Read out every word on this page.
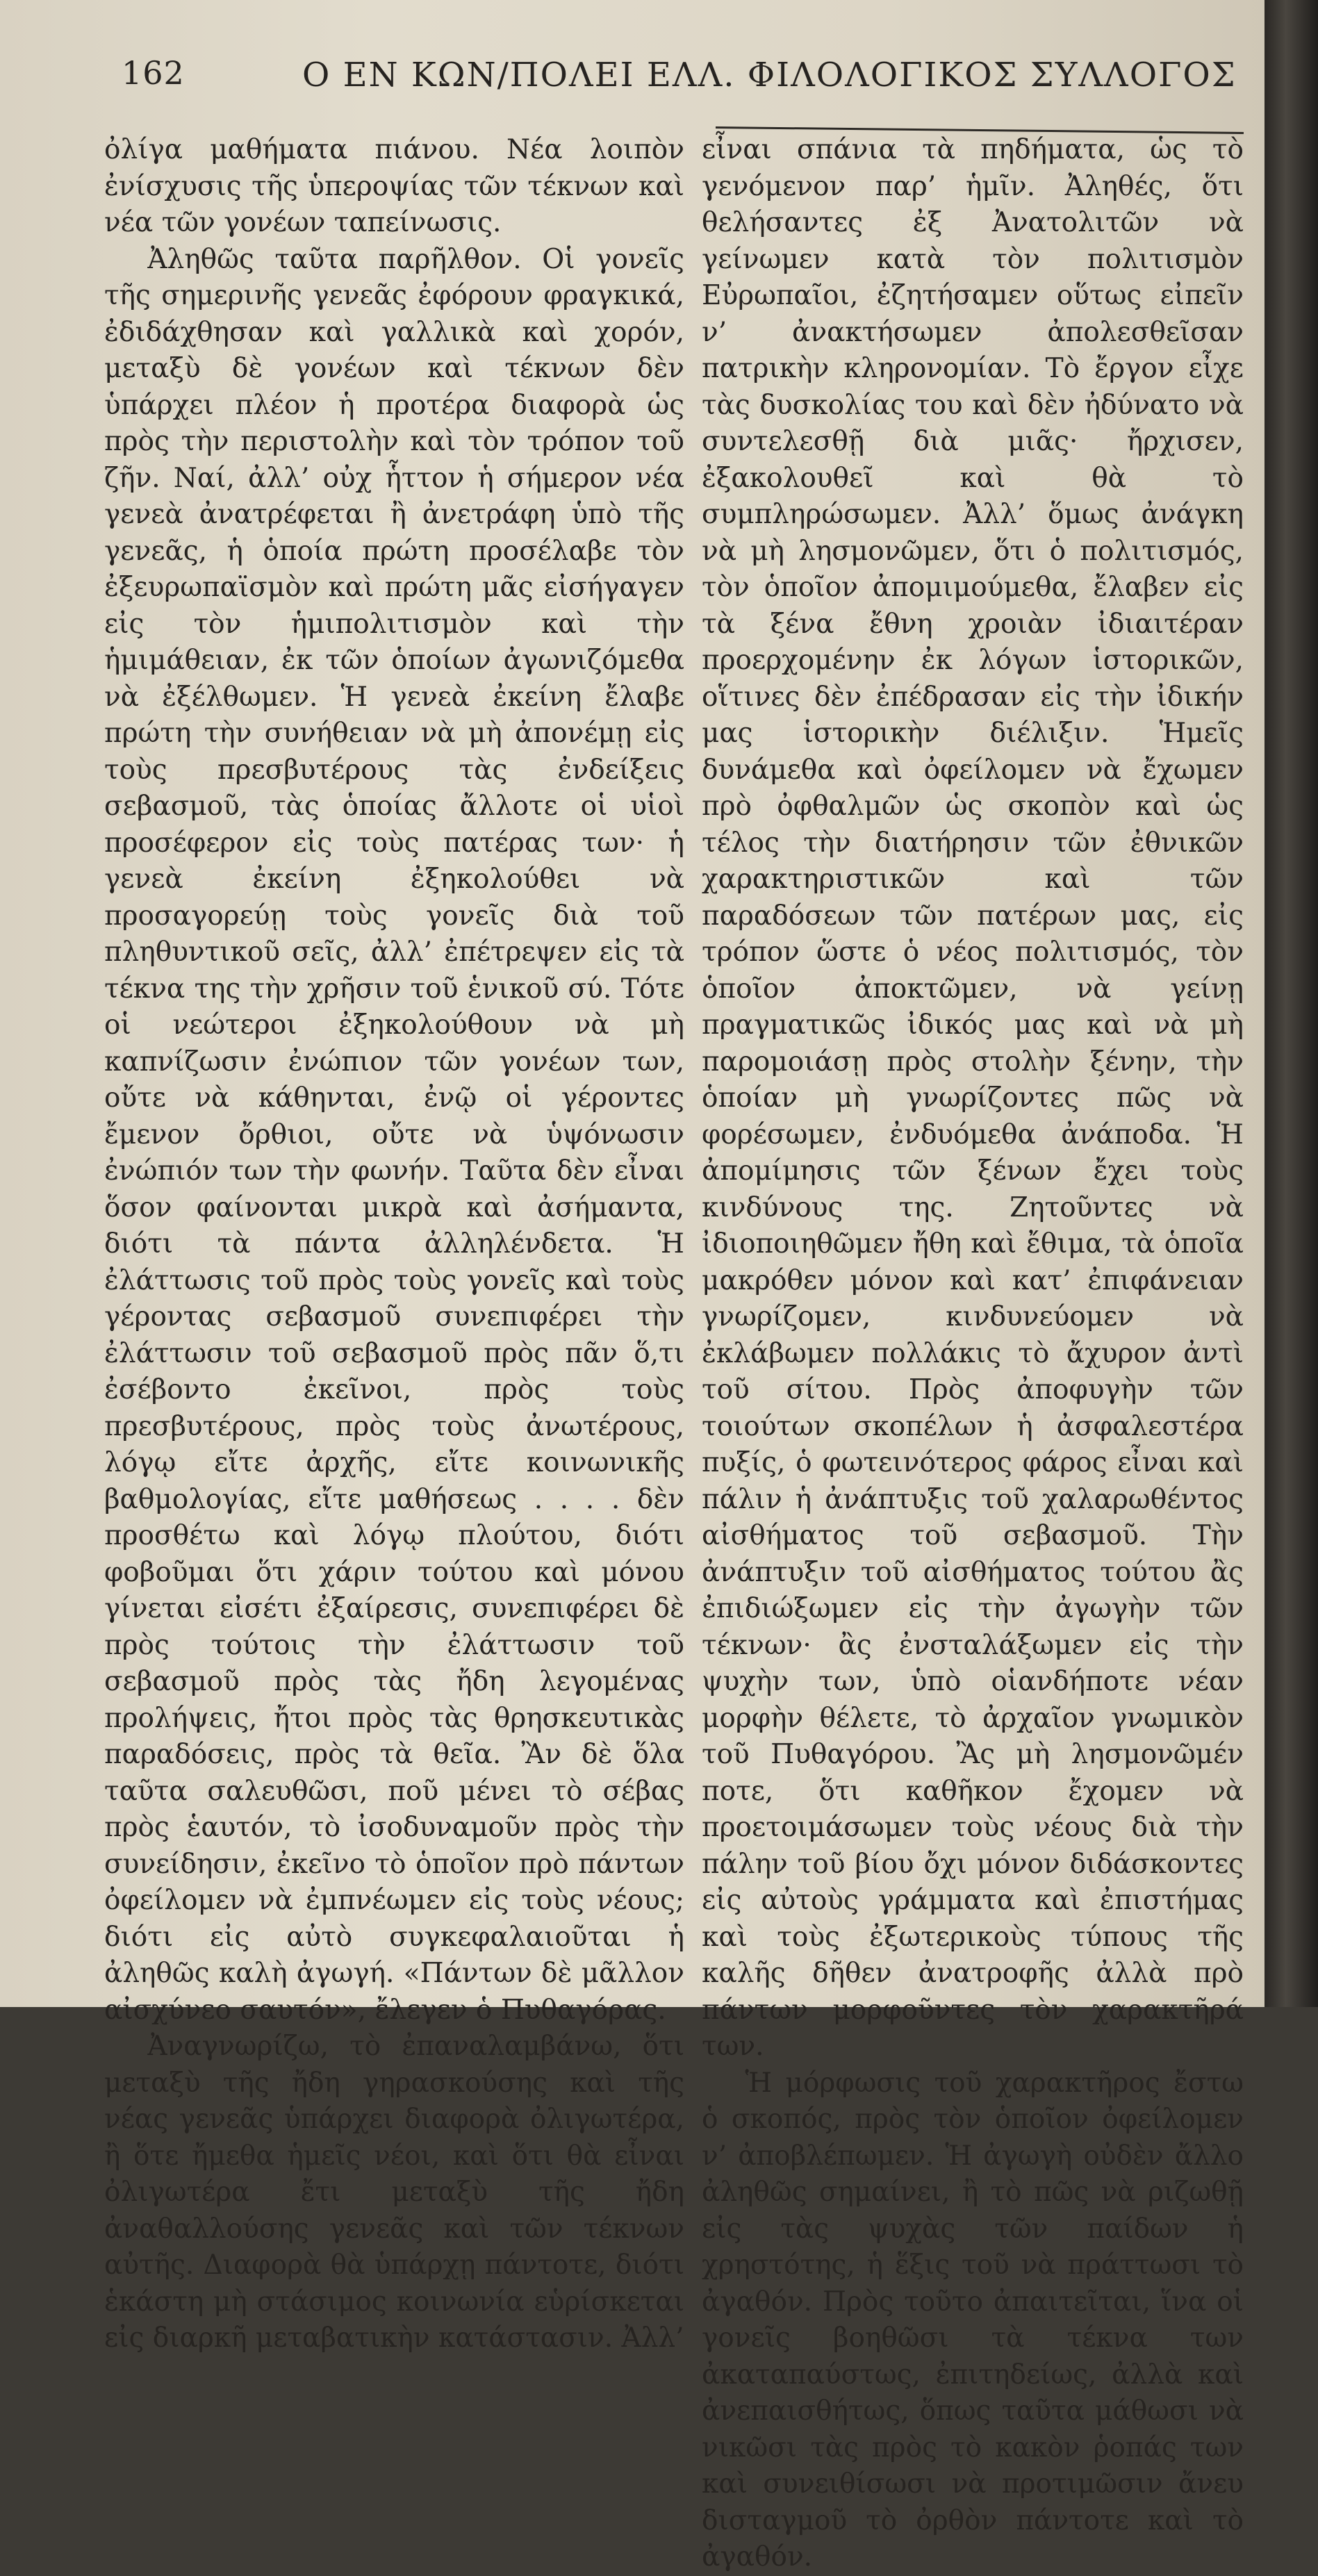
162	Ο ΕΝ ΚΩΝ/ΠΟΛΕΙ ΕΛΛ. ΦΙΛΟΛΟΓΙΚΟΣ ΣΥΛΛΟΓΟΣ

ὀλίγα μαθήματα πιάνου. Νέα λοιπὸν ἐνίσχυσις τῆς ὑπεροψίας τῶν τέκνων καὶ νέα τῶν γονέων ταπείνωσις.

Ἀληθῶς ταῦτα παρῆλθον. Οἱ γονεῖς τῆς σημερινῆς γενεᾶς ἐφόρουν φραγκικά, ἐδιδάχθησαν καὶ γαλλικὰ καὶ χορόν, μεταξὺ δὲ γονέων καὶ τέκνων δὲν ὑπάρχει πλέον ἡ προτέρα διαφορὰ ὡς πρὸς τὴν περιστολὴν καὶ τὸν τρόπον τοῦ ζῆν. Ναί, ἀλλ’ οὐχ ἧττον ἡ σήμερον νέα γενεὰ ἀνατρέφεται ἢ ἀνετράφη ὑπὸ τῆς γενεᾶς, ἡ ὁποία πρώτη προσέλαβε τὸν ἐξευρωπαϊσμὸν καὶ πρώτη μᾶς εἰσήγαγεν εἰς τὸν ἡμιπολιτισμὸν καὶ τὴν ἡμιμάθειαν, ἐκ τῶν ὁποίων ἀγωνιζόμεθα νὰ ἐξέλθωμεν. Ἡ γενεὰ ἐκείνη ἔλαβε πρώτη τὴν συνήθειαν νὰ μὴ ἀπονέμῃ εἰς τοὺς πρεσβυτέρους τὰς ἐνδείξεις σεβασμοῦ, τὰς ὁποίας ἄλλοτε οἱ υἱοὶ προσέφερον εἰς τοὺς πατέρας των· ἡ γενεὰ ἐκείνη ἐξηκολούθει νὰ προσαγορεύῃ τοὺς γονεῖς διὰ τοῦ πληθυντικοῦ σεῖς, ἀλλ’ ἐπέτρεψεν εἰς τὰ τέκνα της τὴν χρῆσιν τοῦ ἑνικοῦ σύ. Τότε οἱ νεώτεροι ἐξηκολούθουν νὰ μὴ καπνίζωσιν ἐνώπιον τῶν γονέων των, οὔτε νὰ κάθηνται, ἐνῷ οἱ γέροντες ἔμενον ὄρθιοι, οὔτε νὰ ὑψόνωσιν ἐνώπιόν των τὴν φωνήν. Ταῦτα δὲν εἶναι ὅσον φαίνονται μικρὰ καὶ ἀσήμαντα, διότι τὰ πάντα ἀλληλένδετα. Ἡ ἐλάττωσις τοῦ πρὸς τοὺς γονεῖς καὶ τοὺς γέροντας σεβασμοῦ συνεπιφέρει τὴν ἐλάττωσιν τοῦ σεβασμοῦ πρὸς πᾶν ὅ,τι ἐσέβοντο ἐκεῖνοι, πρὸς τοὺς πρεσβυτέρους, πρὸς τοὺς ἀνωτέρους, λόγῳ εἴτε ἀρχῆς, εἴτε κοινωνικῆς βαθμολογίας, εἴτε μαθήσεως . . . . δὲν προσθέτω καὶ λόγῳ πλούτου, διότι φοβοῦμαι ὅτι χάριν τούτου καὶ μόνου γίνεται εἰσέτι ἐξαίρεσις, συνεπιφέρει δὲ πρὸς τούτοις τὴν ἐλάττωσιν τοῦ σεβασμοῦ πρὸς τὰς ἤδη λεγομένας προλήψεις, ἤτοι πρὸς τὰς θρησκευτικὰς παραδόσεις, πρὸς τὰ θεῖα. Ἂν δὲ ὅλα ταῦτα σαλευθῶσι, ποῦ μένει τὸ σέβας πρὸς ἑαυτόν, τὸ ἰσοδυναμοῦν πρὸς τὴν συνείδησιν, ἐκεῖνο τὸ ὁποῖον πρὸ πάντων ὀφείλομεν νὰ ἐμπνέωμεν εἰς τοὺς νέους; διότι εἰς αὐτὸ συγκεφαλαιοῦται ἡ ἀληθῶς καλὴ ἀγωγή. «Πάντων δὲ μᾶλλον αἰσχύνεο σαυτόν», ἔλεγεν ὁ Πυθαγόρας.

Ἀναγνωρίζω, τὸ ἐπαναλαμβάνω, ὅτι μεταξὺ τῆς ἤδη γηρασκούσης καὶ τῆς νέας γενεᾶς ὑπάρχει διαφορὰ ὀλιγωτέρα, ἢ ὅτε ἤμεθα ἡμεῖς νέοι, καὶ ὅτι θὰ εἶναι ὀλιγωτέρα ἔτι μεταξὺ τῆς ἤδη ἀναθαλλούσης γενεᾶς καὶ τῶν τέκνων αὐτῆς. Διαφορὰ θὰ ὑπάρχῃ πάντοτε, διότι ἑκάστη μὴ στάσιμος κοινωνία εὑρίσκεται εἰς διαρκῆ μεταβατικὴν κατάστασιν. Ἀλλ’

εἶναι σπάνια τὰ πηδήματα, ὡς τὸ γενόμενον παρ’ ἡμῖν. Ἀληθές, ὅτι θελήσαντες ἐξ Ἀνατολιτῶν νὰ γείνωμεν κατὰ τὸν πολιτισμὸν Εὐρωπαῖοι, ἐζητήσαμεν οὕτως εἰπεῖν ν’ ἀνακτήσωμεν ἀπολεσθεῖσαν πατρικὴν κληρονομίαν. Τὸ ἔργον εἶχε τὰς δυσκολίας του καὶ δὲν ἠδύνατο νὰ συντελεσθῇ διὰ μιᾶς· ἤρχισεν, ἐξακολουθεῖ καὶ θὰ τὸ συμπληρώσωμεν. Ἀλλ’ ὅμως ἀνάγκη νὰ μὴ λησμονῶμεν, ὅτι ὁ πολιτισμός, τὸν ὁποῖον ἀπομιμούμεθα, ἔλαβεν εἰς τὰ ξένα ἔθνη χροιὰν ἰδιαιτέραν προερχομένην ἐκ λόγων ἱστορικῶν, οἵτινες δὲν ἐπέδρασαν εἰς τὴν ἰδικήν μας ἱστορικὴν διέλιξιν. Ἡμεῖς δυνάμεθα καὶ ὀφείλομεν νὰ ἔχωμεν πρὸ ὀφθαλμῶν ὡς σκοπὸν καὶ ὡς τέλος τὴν διατήρησιν τῶν ἐθνικῶν χαρακτηριστικῶν καὶ τῶν παραδόσεων τῶν πατέρων μας, εἰς τρόπον ὥστε ὁ νέος πολιτισμός, τὸν ὁποῖον ἀποκτῶμεν, νὰ γείνῃ πραγματικῶς ἰδικός μας καὶ νὰ μὴ παρομοιάσῃ πρὸς στολὴν ξένην, τὴν ὁποίαν μὴ γνωρίζοντες πῶς νὰ φορέσωμεν, ἐνδυόμεθα ἀνάποδα. Ἡ ἀπομίμησις τῶν ξένων ἔχει τοὺς κινδύνους της. Ζητοῦντες νὰ ἰδιοποιηθῶμεν ἤθη καὶ ἔθιμα, τὰ ὁποῖα μακρόθεν μόνον καὶ κατ’ ἐπιφάνειαν γνωρίζομεν, κινδυνεύομεν νὰ ἐκλάβωμεν πολλάκις τὸ ἄχυρον ἀντὶ τοῦ σίτου. Πρὸς ἀποφυγὴν τῶν τοιούτων σκοπέλων ἡ ἀσφαλεστέρα πυξίς, ὁ φωτεινότερος φάρος εἶναι καὶ πάλιν ἡ ἀνάπτυξις τοῦ χαλαρωθέντος αἰσθήματος τοῦ σεβασμοῦ. Τὴν ἀνάπτυξιν τοῦ αἰσθήματος τούτου ἂς ἐπιδιώξωμεν εἰς τὴν ἀγωγὴν τῶν τέκνων· ἂς ἐνσταλάξωμεν εἰς τὴν ψυχὴν των, ὑπὸ οἱανδήποτε νέαν μορφὴν θέλετε, τὸ ἀρχαῖον γνωμικὸν τοῦ Πυθαγόρου. Ἂς μὴ λησμονῶμέν ποτε, ὅτι καθῆκον ἔχομεν νὰ προετοιμάσωμεν τοὺς νέους διὰ τὴν πάλην τοῦ βίου ὄχι μόνον διδάσκοντες εἰς αὐτοὺς γράμματα καὶ ἐπιστήμας καὶ τοὺς ἐξωτερικοὺς τύπους τῆς καλῆς δῆθεν ἀνατροφῆς ἀλλὰ πρὸ πάντων μορφοῦντες τὸν χαρακτῆρά των.

Ἡ μόρφωσις τοῦ χαρακτῆρος ἔστω ὁ σκοπός, πρὸς τὸν ὁποῖον ὀφείλομεν ν’ ἀποβλέπωμεν. Ἡ ἀγωγὴ οὐδὲν ἄλλο ἀληθῶς σημαίνει, ἢ τὸ πῶς νὰ ριζωθῇ εἰς τὰς ψυχὰς τῶν παίδων ἡ χρηστότης, ἡ ἕξις τοῦ νὰ πράττωσι τὸ ἀγαθόν. Πρὸς τοῦτο ἀπαιτεῖται, ἵνα οἱ γονεῖς βοηθῶσι τὰ τέκνα των ἀκαταπαύστως, ἐπιτηδείως, ἀλλὰ καὶ ἀνεπαισθήτως, ὅπως ταῦτα μάθωσι νὰ νικῶσι τὰς πρὸς τὸ κακὸν ῥοπάς των καὶ συνειθίσωσι νὰ προτιμῶσιν ἄνευ δισταγμοῦ τὸ ὀρθὸν πάντοτε καὶ τὸ ἀγαθόν.
